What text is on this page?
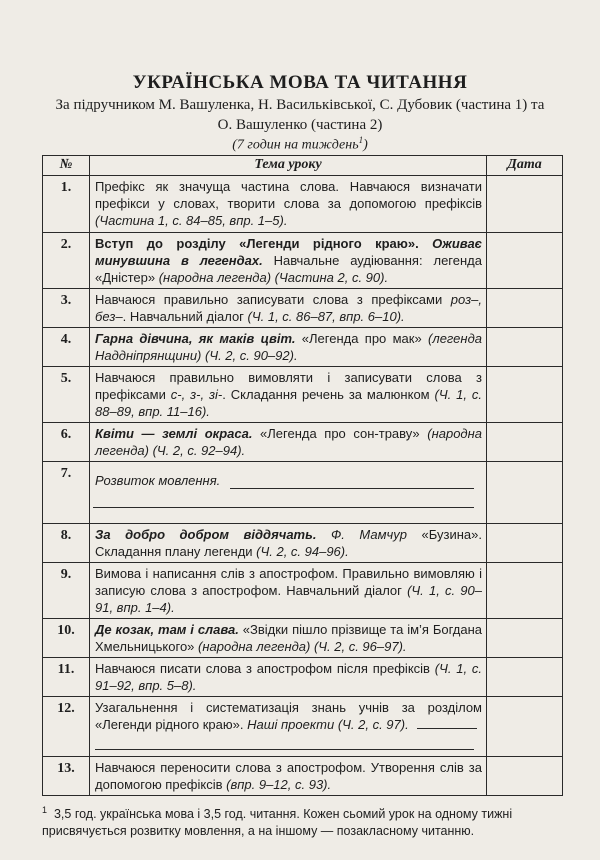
УКРАЇНСЬКА МОВА ТА ЧИТАННЯ
За підручником М. Вашуленка, Н. Васильківської, С. Дубовик (частина 1) та
О. Вашуленко (частина 2)
(7 годин на тиждень$^1$)
№	Тема уроку	Дата
1.	Префікс як значуща частина слова. Навчаюся визначати префікси у словах, творити слова за допомогою префіксів (Частина 1, с. 84–85, впр. 1–5).	
2.	Вступ до розділу «Легенди рідного краю». Оживає минувшина в легендах. Навчальне аудіювання: легенда «Дністер» (народна легенда) (Частина 2, с. 90).	
3.	Навчаюся правильно записувати слова з префіксами роз–, без–. Навчальний діалог (Ч. 1, с. 86–87, впр. 6–10).	
4.	Гарна дівчина, як маків цвіт. «Легенда про мак» (легенда Наддніпрянщини) (Ч. 2, с. 90–92).	
5.	Навчаюся правильно вимовляти і записувати слова з префіксами с-, з-, зі-. Складання речень за малюнком (Ч. 1, с. 88–89, впр. 11–16).	
6.	Квіти — землі окраса. «Легенда про сон-траву» (народна легенда) (Ч. 2, с. 92–94).	
7.	Розвиток мовлення.	

8.	За добро добром віддячать. Ф. Мамчур «Бузина». Складання плану легенди (Ч. 2, с. 94–96).	
9.	Вимова і написання слів з апострофом. Правильно вимовляю і записую слова з апострофом. Навчальний діалог (Ч. 1, с. 90–91, впр. 1–4).	
10.	Де козак, там і слава. «Звідки пішло прізвище та ім’я Богдана Хмельницького» (народна легенда) (Ч. 2, с. 96–97).	
11.	Навчаюся писати слова з апострофом після префіксів (Ч. 1, с. 91–92, впр. 5–8).	
12.	Узагальнення і систематизація знань учнів за розділом «Легенди рідного краю». Наші проекти (Ч. 2, с. 97).

13.	Навчаюся переносити слова з апострофом. Утворення слів за допомогою префіксів (впр. 9–12, с. 93).	
$^1$ 3,5 год. українська мова і 3,5 год. читання. Кожен сьомий урок на одному тижні присвячується розвитку мовлення, а на іншому — позакласному читанню.
